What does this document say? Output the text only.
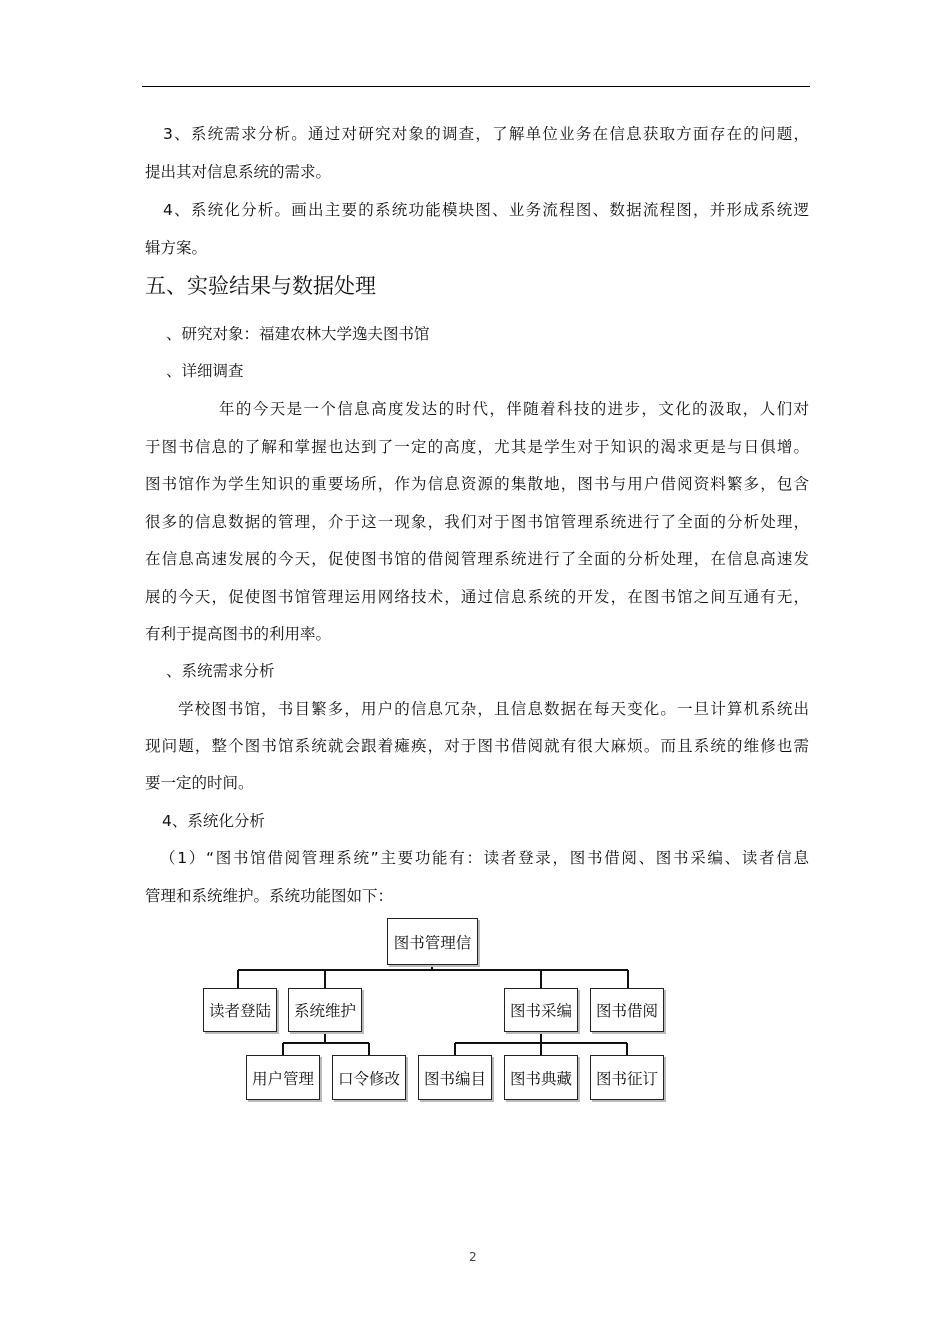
3、系统需求分析。通过对研究对象的调查，了解单位业务在信息获取方面存在的问题，
提出其对信息系统的需求。
4、系统化分析。画出主要的系统功能模块图、业务流程图、数据流程图，并形成系统逻
辑方案。
五、实验结果与数据处理
、研究对象：福建农林大学逸夫图书馆
、详细调查
年的今天是一个信息高度发达的时代，伴随着科技的进步，文化的汲取，人们对
于图书信息的了解和掌握也达到了一定的高度，尤其是学生对于知识的渴求更是与日俱增。
图书馆作为学生知识的重要场所，作为信息资源的集散地，图书与用户借阅资料繁多，包含
很多的信息数据的管理，介于这一现象，我们对于图书馆管理系统进行了全面的分析处理，
在信息高速发展的今天，促使图书馆的借阅管理系统进行了全面的分析处理，在信息高速发
展的今天，促使图书馆管理运用网络技术，通过信息系统的开发，在图书馆之间互通有无，
有利于提高图书的利用率。
、系统需求分析
学校图书馆，书目繁多，用户的信息冗杂，且信息数据在每天变化。一旦计算机系统出
现问题，整个图书馆系统就会跟着瘫痪，对于图书借阅就有很大麻烦。而且系统的维修也需
要一定的时间。
4、系统化分析
（1）“图书馆借阅管理系统”主要功能有：读者登录，图书借阅、图书采编、读者信息
管理和系统维护。系统功能图如下：
图书管理信
读者登陆	系统维护	图书采编	图书借阅
用户管理	口令修改	图书编目	图书典藏	图书征订
2
